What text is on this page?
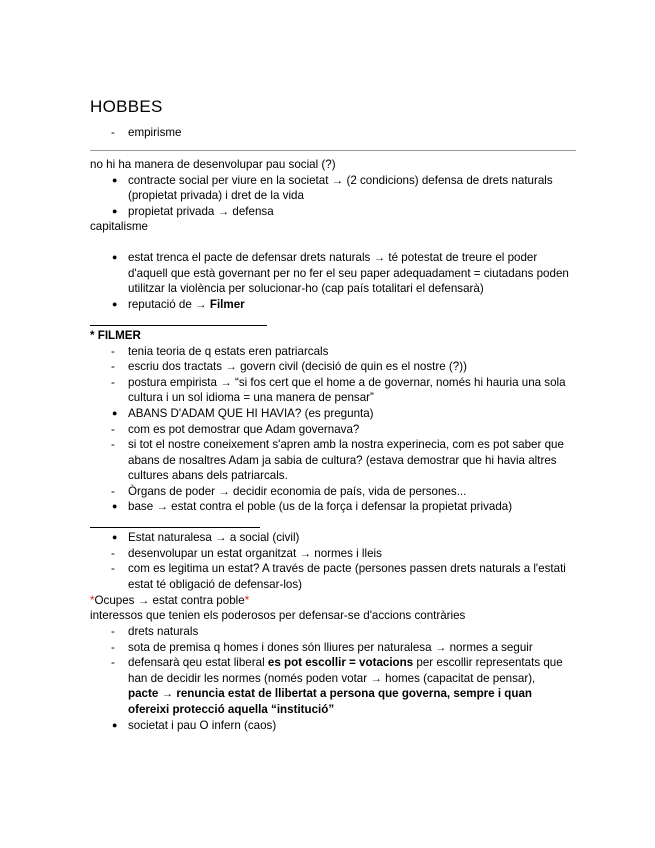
HOBBES
- empirisme
no hi ha manera de desenvolupar pau social (?)
● contracte social per viure en la societat → (2 condicions) defensa de drets naturals
(propietat privada) i dret de la vida
● propietat privada → defensa
capitalisme
● estat trenca el pacte de defensar drets naturals → té potestat de treure el poder
d'aquell que està governant per no fer el seu paper adequadament = ciutadans poden
utilitzar la violència per solucionar-ho (cap país totalitari el defensarà)
● reputació de → Filmer
* FILMER
- tenia teoria de q estats eren patriarcals
- escriu dos tractats → govern civil (decisió de quin es el nostre (?))
- postura empirista → “si fos cert que el home a de governar, només hi hauria una sola
cultura i un sol idioma = una manera de pensar”
● ABANS D'ADAM QUE HI HAVIA? (es pregunta)
- com es pot demostrar que Adam governava?
- si tot el nostre coneixement s'apren amb la nostra experinecia, com es pot saber que
abans de nosaltres Adam ja sabia de cultura? (estava demostrar que hi havia altres
cultures abans dels patriarcals.
- Òrgans de poder → decidir economia de país, vida de persones...
● base → estat contra el poble (us de la força i defensar la propietat privada)
● Estat naturalesa → a social (civil)
- desenvolupar un estat organitzat → normes i lleis
- com es legitima un estat? A través de pacte (persones passen drets naturals a l'estati
estat té obligació de defensar-los)
*Ocupes → estat contra poble*
interessos que tenien els poderosos per defensar-se d'accions contràries
- drets naturals
- sota de premisa q homes i dones són lliures per naturalesa → normes a seguir
- defensarà qeu estat liberal es pot escollir = votacions per escollir representats que
han de decidir les normes (només poden votar → homes (capacitat de pensar),
pacte → renuncia estat de llibertat a persona que governa, sempre i quan
ofereixi protecció aquella “institució”
● societat i pau O infern (caos)
